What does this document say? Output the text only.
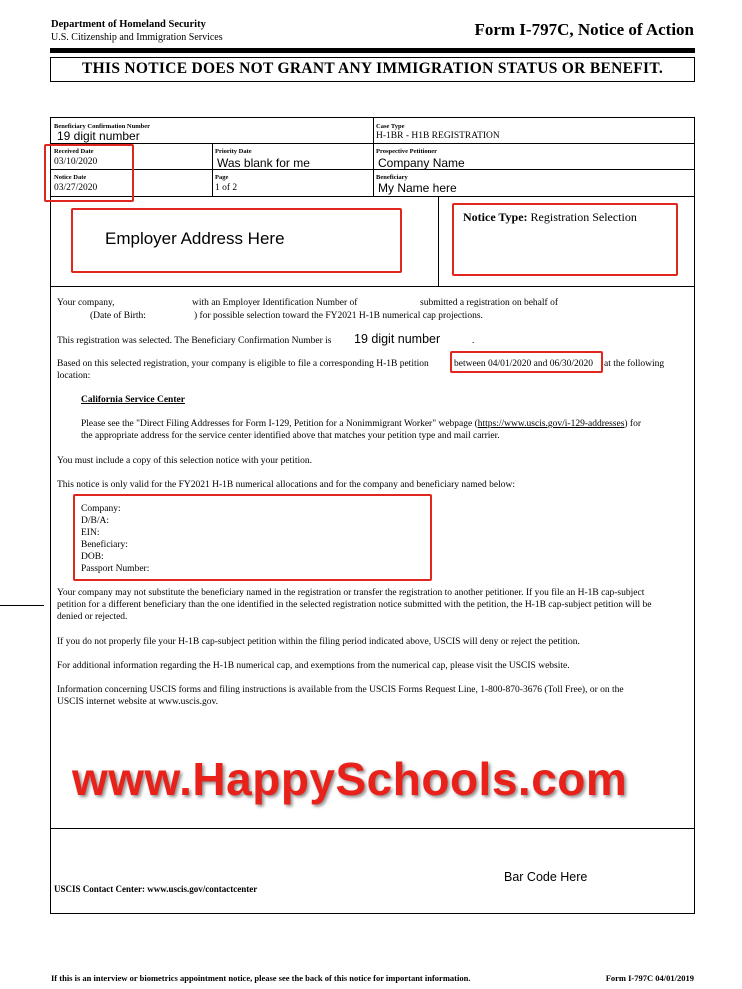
Department of Homeland Security
U.S. Citizenship and Immigration Services	Form I-797C, Notice of Action
THIS NOTICE DOES NOT GRANT ANY IMMIGRATION STATUS OR BENEFIT.
Beneficiary Confirmation Number
19 digit number
Case Type
H-1BR - H1B REGISTRATION
Received Date
03/10/2020
Priority Date
Was blank for me
Prospective Petitioner
Company Name
Notice Date
03/27/2020
Page
1 of 2
Beneficiary
My Name here
Employer Address Here
Notice Type: Registration Selection
USCIS Contact Center: www.uscis.gov/contactcenter
Bar Code Here
Your company,	with an Employer Identification Number of	submitted a registration on behalf of
(Date of Birth:	) for possible selection toward the FY2021 H-1B numerical cap projections.
This registration was selected. The Beneficiary Confirmation Number is 19 digit number	.
Based on this selected registration, your company is eligible to file a corresponding H-1B petition	between 04/01/2020 and 06/30/2020 at the following
location:
California Service Center
Please see the "Direct Filing Addresses for Form I-129, Petition for a Nonimmigrant Worker" webpage (https://www.uscis.gov/i-129-addresses) for
the appropriate address for the service center identified above that matches your petition type and mail carrier.
You must include a copy of this selection notice with your petition.
This notice is only valid for the FY2021 H-1B numerical allocations and for the company and beneficiary named below:
Company:
D/B/A:
EIN:
Beneficiary:
DOB:
Passport Number:
Your company may not substitute the beneficiary named in the registration or transfer the registration to another petitioner. If you file an H-1B cap-subject
petition for a different beneficiary than the one identified in the selected registration notice submitted with the petition, the H-1B cap-subject petition will be
denied or rejected.
If you do not properly file your H-1B cap-subject petition within the filing period indicated above, USCIS will deny or reject the petition.
For additional information regarding the H-1B numerical cap, and exemptions from the numerical cap, please visit the USCIS website.
Information concerning USCIS forms and filing instructions is available from the USCIS Forms Request Line, 1-800-870-3676 (Toll Free), or on the
USCIS internet website at www.uscis.gov.
www.HappySchools.com
If this is an interview or biometrics appointment notice, please see the back of this notice for important information.	Form I-797C 04/01/2019
